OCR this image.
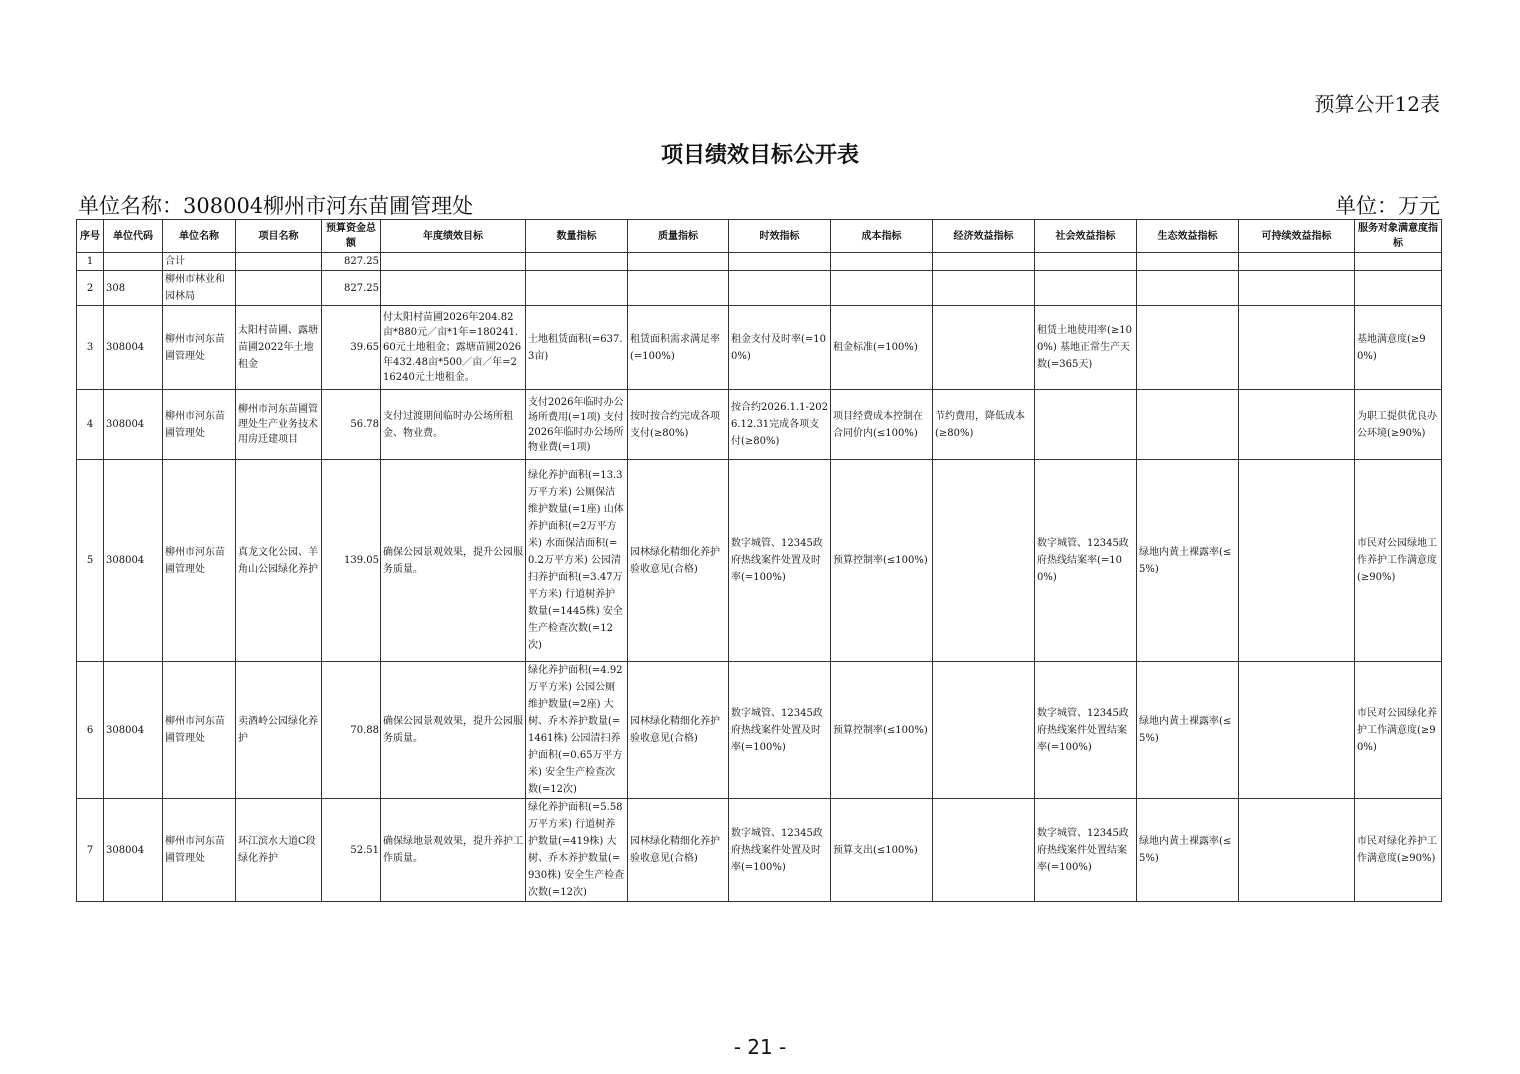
预算公开12表
项目绩效目标公开表
单位名称：308004柳州市河东苗圃管理处	单位：万元
序号	单位代码	单位名称	项目名称	预算资金总额	年度绩效目标	数量指标	质量指标	时效指标	成本指标	经济效益指标	社会效益指标	生态效益指标	可持续效益指标	服务对象满意度指标
1		合计		827.25										
2	308	柳州市林业和园林局		827.25										
3	308004	柳州市河东苗圃管理处	太阳村苗圃、露塘苗圃2022年土地租金	39.65	付太阳村苗圃2026年204.82亩*880元／亩*1年=180241.60元土地租金；露塘苗圃2026年432.48亩*500／亩／年=216240元土地租金。	土地租赁面积(=637.3亩)	租赁面积需求满足率(=100%)	租金支付及时率(=100%)	租金标准(=100%)		租赁土地使用率(≥100%) 基地正常生产天数(=365天)			基地满意度(≥90%)
4	308004	柳州市河东苗圃管理处	柳州市河东苗圃管理处生产业务技术用房迁建项目	56.78	支付过渡期间临时办公场所租金、物业费。	支付2026年临时办公场所费用(=1项) 支付2026年临时办公场所物业费(=1项)	按时按合约完成各项支付(≥80%)	按合约2026.1.1-2026.12.31完成各项支付(≥80%)	项目经费成本控制在合同价内(≤100%)	节约费用，降低成本(≥80%)				为职工提供优良办公环境(≥90%)
5	308004	柳州市河东苗圃管理处	真龙文化公园、羊角山公园绿化养护	139.05	确保公园景观效果，提升公园服务质量。	绿化养护面积(=13.3万平方米) 公厕保洁维护数量(=1座) 山体养护面积(=2万平方米) 水面保洁面积(=0.2万平方米) 公园清扫养护面积(=3.47万平方米) 行道树养护数量(=1445株) 安全生产检查次数(=12次)	园林绿化精细化养护验收意见(合格)	数字城管、12345政府热线案件处置及时率(=100%)	预算控制率(≤100%)		数字城管、12345政府热线结案率(=100%)	绿地内黄土裸露率(≤5%)		市民对公园绿地工作养护工作满意度(≥90%)
6	308004	柳州市河东苗圃管理处	卖酒岭公园绿化养护	70.88	确保公园景观效果，提升公园服务质量。	绿化养护面积(=4.92万平方米) 公园公厕维护数量(=2座) 大树、乔木养护数量(=1461株) 公园清扫养护面积(=0.65万平方米) 安全生产检查次数(=12次)	园林绿化精细化养护验收意见(合格)	数字城管、12345政府热线案件处置及时率(=100%)	预算控制率(≤100%)		数字城管、12345政府热线案件处置结案率(=100%)	绿地内黄土裸露率(≤5%)		市民对公园绿化养护工作满意度(≥90%)
7	308004	柳州市河东苗圃管理处	环江滨水大道C段绿化养护	52.51	确保绿地景观效果，提升养护工作质量。	绿化养护面积(=5.58万平方米) 行道树养护数量(=419株) 大树、乔木养护数量(=930株) 安全生产检查次数(=12次)	园林绿化精细化养护验收意见(合格)	数字城管、12345政府热线案件处置及时率(=100%)	预算支出(≤100%)		数字城管、12345政府热线案件处置结案率(=100%)	绿地内黄土裸露率(≤5%)		市民对绿化养护工作满意度(≥90%)
- 21 -
